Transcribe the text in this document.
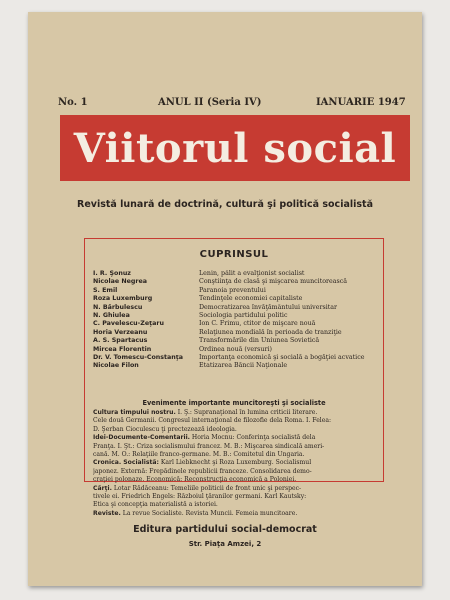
No. 1	ANUL II (Seria IV)	IANUARIE 1947
Viitorul social
Revistă lunară de doctrină, cultură şi politică socialistă
CUPRINSUL
I. R. Şonuz	Lenin, pâlit a evalţionist socialist
Nicolae Negrea	Conştiinţa de clasă şi mişcarea muncitorească
S. Emil	Paranoia preventului
Roza Luxemburg	Tendinţele economiei capitaliste
N. Bărbulescu	Democratizarea învăţământului universitar
N. Ghiulea	Sociologia partidului politic
C. Pavelescu-Zeţaru	Ion C. Frimu, ctitor de mişcare nouă
Horia Verzeanu	Relaţiunea mondială în perioada de tranziţie
A. S. Spartacus	Transformările din Uniunea Sovietică
Mircea Florentin	Ordinea nouă (versuri)
Dr. V. Tomescu-Constanţa	Importanţa economică şi socială a bogăţiei acvatice
Nicolae Filon	Etatizarea Băncii Naţionale
Evenimente importante muncitoreşti şi socialiste
Cultura timpului nostru. I. Ş.: Supranaţional în lumina criticii literare.
Cele două Germanii. Congresul internaţional de filozofie dela Roma. I. Felea:
D. Şerban Cioculescu ţi prectezează ideologia.
Idei-Documente-Comentarii. Horia Mocnu: Conferinţa socialistă dela
Franţa. I. Şt.: Criza socialismului francez. M. B.: Mişcarea sindicală ameri-
cană. M. O.: Relaţiile franco-germane. M. B.: Comitetul din Ungaria.
Cronica. Socialistă: Karl Liebknecht şi Roza Luxemburg. Socialismul
japonez. Externă: Frepădinele republicii franceze. Consolidarea demo-
craţiei polonaze. Economică: Reconstrucţia economică a Poloniei.
Cărţi. Lotar Rădăceanu: Temeliile politicii de front unic şi perspec-
tivele ei. Friedrich Engels: Războiul ţăranilor germani. Karl Kautsky:
Etica şi concepţia materialistă a istoriei.
Reviste. La revue Socialiste. Revista Muncii. Femeia muncitoare.
Editura partidului social-democrat
Str. Piaţa Amzei, 2
